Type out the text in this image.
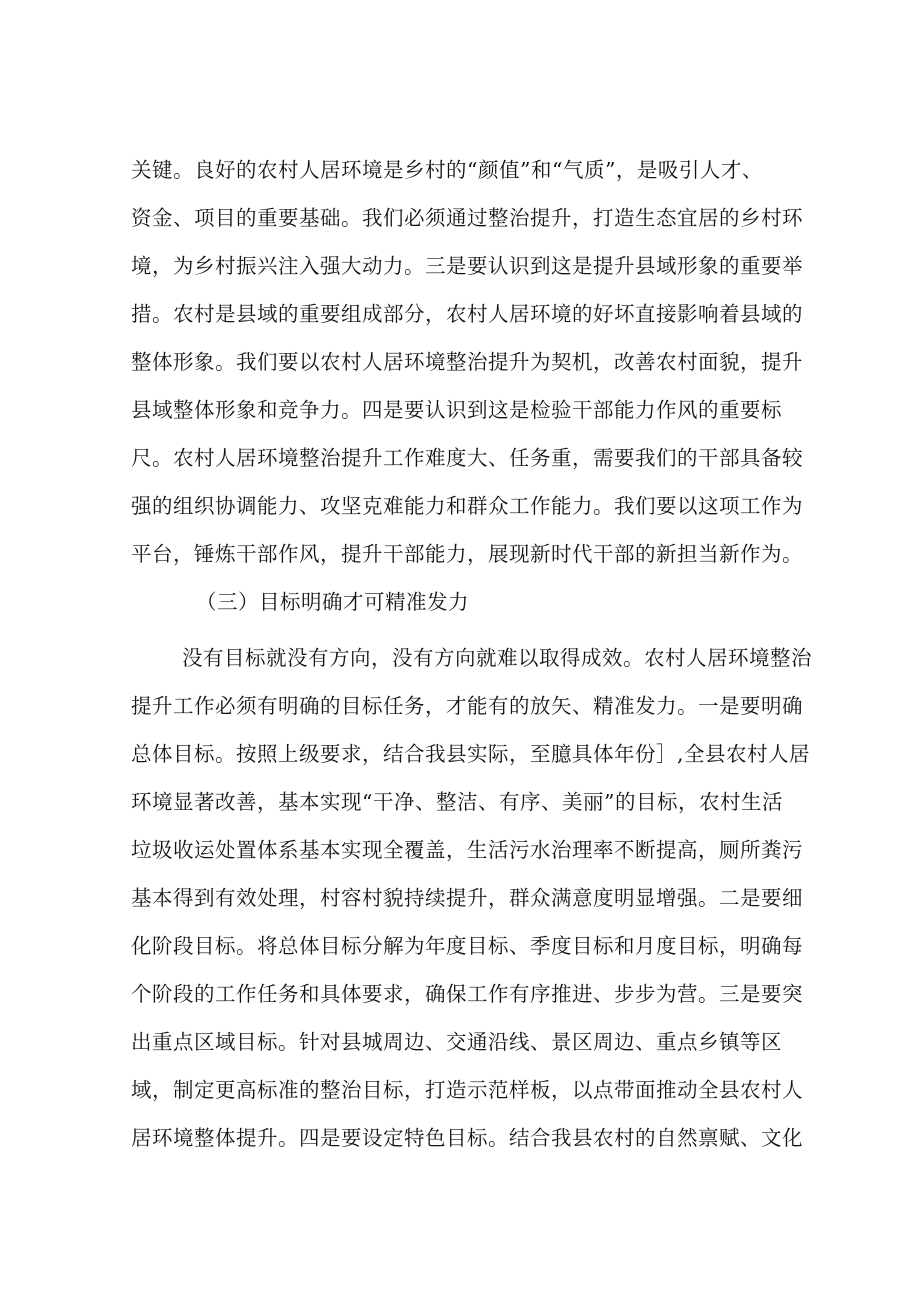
关键。良好的农村人居环境是乡村的“颜值”和“气质”，是吸引人才、

资金、项目的重要基础。我们必须通过整治提升，打造生态宜居的乡村环

境，为乡村振兴注入强大动力。三是要认识到这是提升县域形象的重要举

措。农村是县域的重要组成部分，农村人居环境的好坏直接影响着县域的

整体形象。我们要以农村人居环境整治提升为契机，改善农村面貌，提升

县域整体形象和竞争力。四是要认识到这是检验干部能力作风的重要标

尺。农村人居环境整治提升工作难度大、任务重，需要我们的干部具备较

强的组织协调能力、攻坚克难能力和群众工作能力。我们要以这项工作为

平台，锤炼干部作风，提升干部能力，展现新时代干部的新担当新作为。

（三）目标明确才可精准发力

没有目标就没有方向，没有方向就难以取得成效。农村人居环境整治

提升工作必须有明确的目标任务，才能有的放矢、精准发力。一是要明确

总体目标。按照上级要求，结合我县实际，至臆具体年份］,全县农村人居

环境显著改善，基本实现“干净、整洁、有序、美丽”的目标，农村生活

垃圾收运处置体系基本实现全覆盖，生活污水治理率不断提高，厕所粪污

基本得到有效处理，村容村貌持续提升，群众满意度明显增强。二是要细

化阶段目标。将总体目标分解为年度目标、季度目标和月度目标，明确每

个阶段的工作任务和具体要求，确保工作有序推进、步步为营。三是要突

出重点区域目标。针对县城周边、交通沿线、景区周边、重点乡镇等区

域，制定更高标准的整治目标，打造示范样板，以点带面推动全县农村人

居环境整体提升。四是要设定特色目标。结合我县农村的自然禀赋、文化
